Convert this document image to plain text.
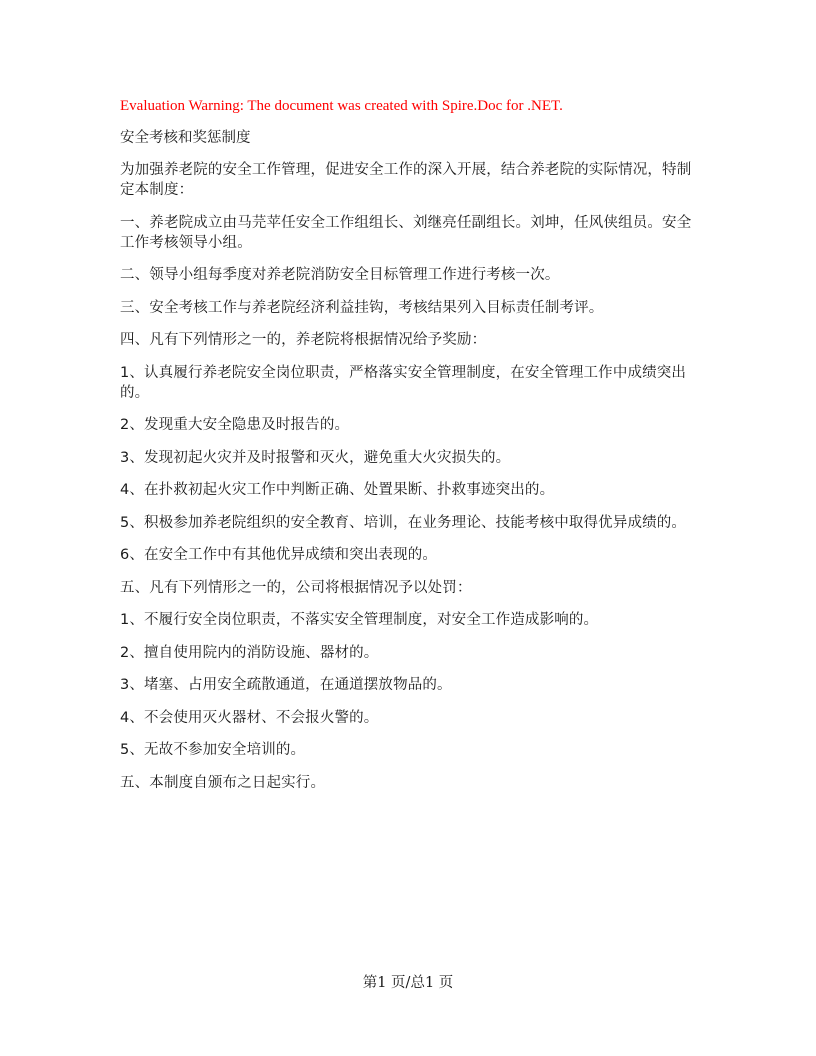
Evaluation Warning: The document was created with Spire.Doc for .NET.
安全考核和奖惩制度
为加强养老院的安全工作管理，促进安全工作的深入开展，结合养老院的实际情况，特制定本制度：
一、养老院成立由马芫苹任安全工作组组长、刘继亮任副组长。刘坤，任风侠组员。安全工作考核领导小组。
二、领导小组每季度对养老院消防安全目标管理工作进行考核一次。
三、安全考核工作与养老院经济利益挂钩，考核结果列入目标责任制考评。
四、凡有下列情形之一的，养老院将根据情况给予奖励：
1、认真履行养老院安全岗位职责，严格落实安全管理制度，在安全管理工作中成绩突出的。
2、发现重大安全隐患及时报告的。
3、发现初起火灾并及时报警和灭火，避免重大火灾损失的。
4、在扑救初起火灾工作中判断正确、处置果断、扑救事迹突出的。
5、积极参加养老院组织的安全教育、培训，在业务理论、技能考核中取得优异成绩的。
6、在安全工作中有其他优异成绩和突出表现的。
五、凡有下列情形之一的，公司将根据情况予以处罚：
1、不履行安全岗位职责，不落实安全管理制度，对安全工作造成影响的。
2、擅自使用院内的消防设施、器材的。
3、堵塞、占用安全疏散通道，在通道摆放物品的。
4、不会使用灭火器材、不会报火警的。
5、无故不参加安全培训的。
五、本制度自颁布之日起实行。
第1 页/总1 页
